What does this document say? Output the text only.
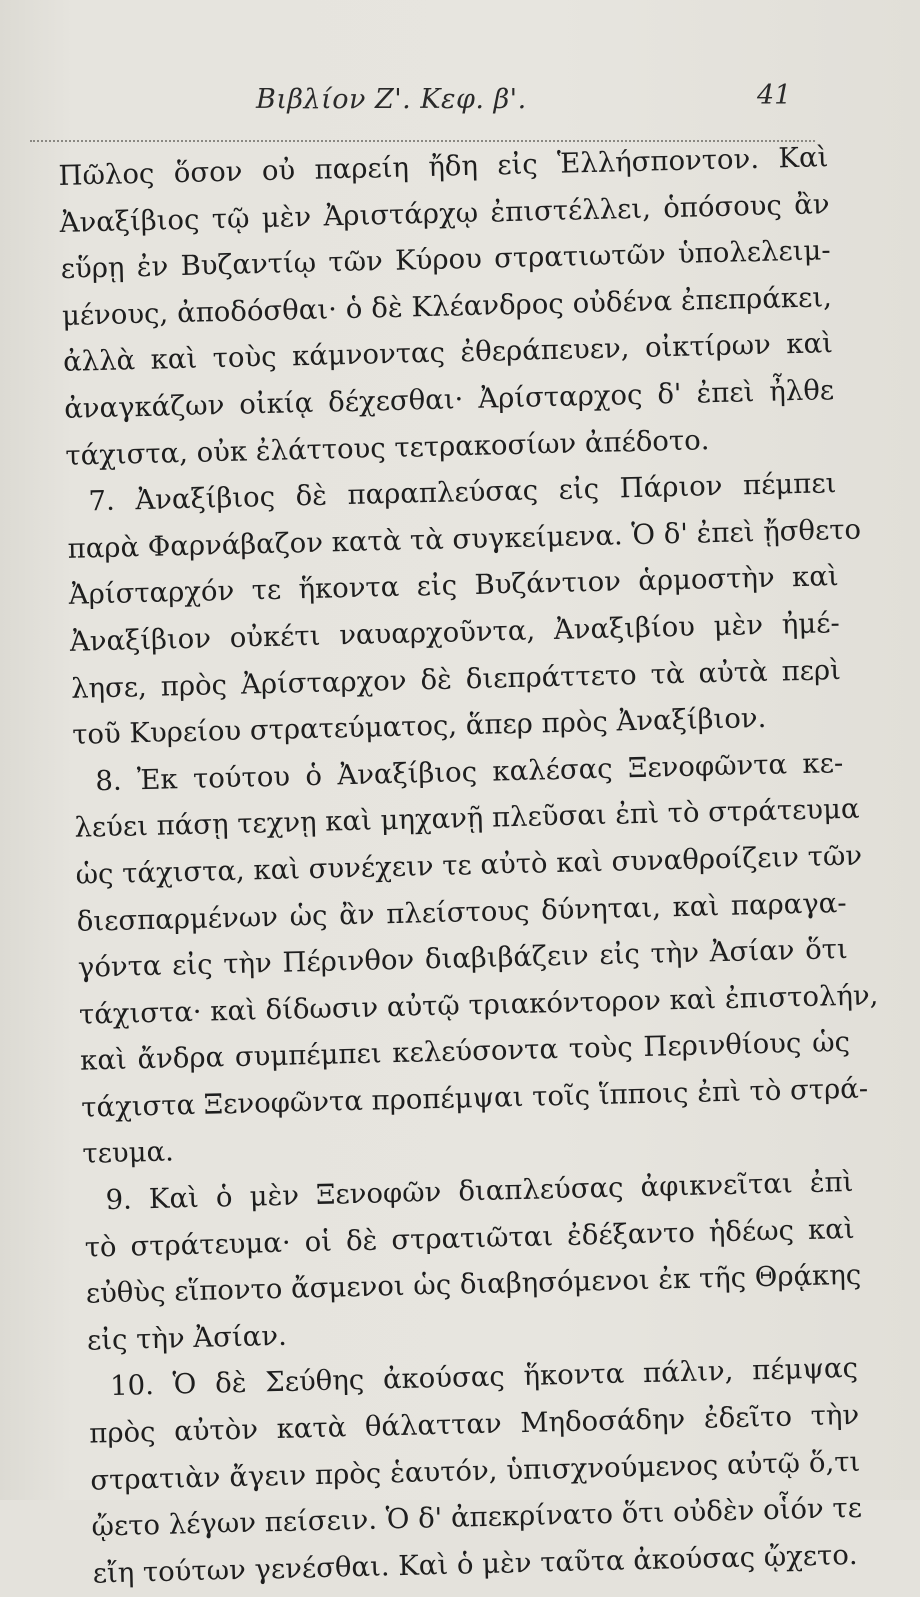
Βιβλίον Ζ'. Κεφ. β'.	41
Πῶλος ὅσον οὐ παρείη ἤδη εἰς Ἑλλήσποντον. Καὶ
Ἀναξίβιος τῷ μὲν Ἀριστάρχῳ ἐπιστέλλει, ὁπόσους ἂν
εὕρῃ ἐν Βυζαντίῳ τῶν Κύρου στρατιωτῶν ὑπολελειμ-
μένους, ἀποδόσθαι· ὁ δὲ Κλέανδρος οὐδένα ἐπεπράκει,
ἀλλὰ καὶ τοὺς κάμνοντας ἐθεράπευεν, οἰκτίρων καὶ
ἀναγκάζων οἰκίᾳ δέχεσθαι· Ἀρίσταρχος δ' ἐπεὶ ἦλθε
τάχιστα, οὐκ ἐλάττους τετρακοσίων ἀπέδοτο.
7. Ἀναξίβιος δὲ παραπλεύσας εἰς Πάριον πέμπει
παρὰ Φαρνάβαζον κατὰ τὰ συγκείμενα. Ὁ δ' ἐπεὶ ᾔσθετο
Ἀρίσταρχόν τε ἥκοντα εἰς Βυζάντιον ἁρμοστὴν καὶ
Ἀναξίβιον οὐκέτι ναυαρχοῦντα, Ἀναξιβίου μὲν ἠμέ-
λησε, πρὸς Ἀρίσταρχον δὲ διεπράττετο τὰ αὐτὰ περὶ
τοῦ Κυρείου στρατεύματος, ἅπερ πρὸς Ἀναξίβιον.
8. Ἐκ τούτου ὁ Ἀναξίβιος καλέσας Ξενοφῶντα κε-
λεύει πάσῃ τεχνῃ καὶ μηχανῇ πλεῦσαι ἐπὶ τὸ στράτευμα
ὡς τάχιστα, καὶ συνέχειν τε αὐτὸ καὶ συναθροίζειν τῶν
διεσπαρμένων ὡς ἂν πλείστους δύνηται, καὶ παραγα-
γόντα εἰς τὴν Πέρινθον διαβιβάζειν εἰς τὴν Ἀσίαν ὅτι
τάχιστα· καὶ δίδωσιν αὐτῷ τριακόντορον καὶ ἐπιστολήν,
καὶ ἄνδρα συμπέμπει κελεύσοντα τοὺς Περινθίους ὡς
τάχιστα Ξενοφῶντα προπέμψαι τοῖς ἵπποις ἐπὶ τὸ στρά-
τευμα.
9. Καὶ ὁ μὲν Ξενοφῶν διαπλεύσας ἀφικνεῖται ἐπὶ
τὸ στράτευμα· οἱ δὲ στρατιῶται ἐδέξαντο ἡδέως καὶ
εὐθὺς εἵποντο ἄσμενοι ὡς διαβησόμενοι ἐκ τῆς Θρᾴκης
εἰς τὴν Ἀσίαν.
10. Ὁ δὲ Σεύθης ἀκούσας ἥκοντα πάλιν, πέμψας
πρὸς αὐτὸν κατὰ θάλατταν Μηδοσάδην ἐδεῖτο τὴν
στρατιὰν ἄγειν πρὸς ἑαυτόν, ὑπισχνούμενος αὐτῷ ὅ,τι
ᾤετο λέγων πείσειν. Ὁ δ' ἀπεκρίνατο ὅτι οὐδὲν οἷόν τε
εἴη τούτων γενέσθαι. Καὶ ὁ μὲν ταῦτα ἀκούσας ᾤχετο.
